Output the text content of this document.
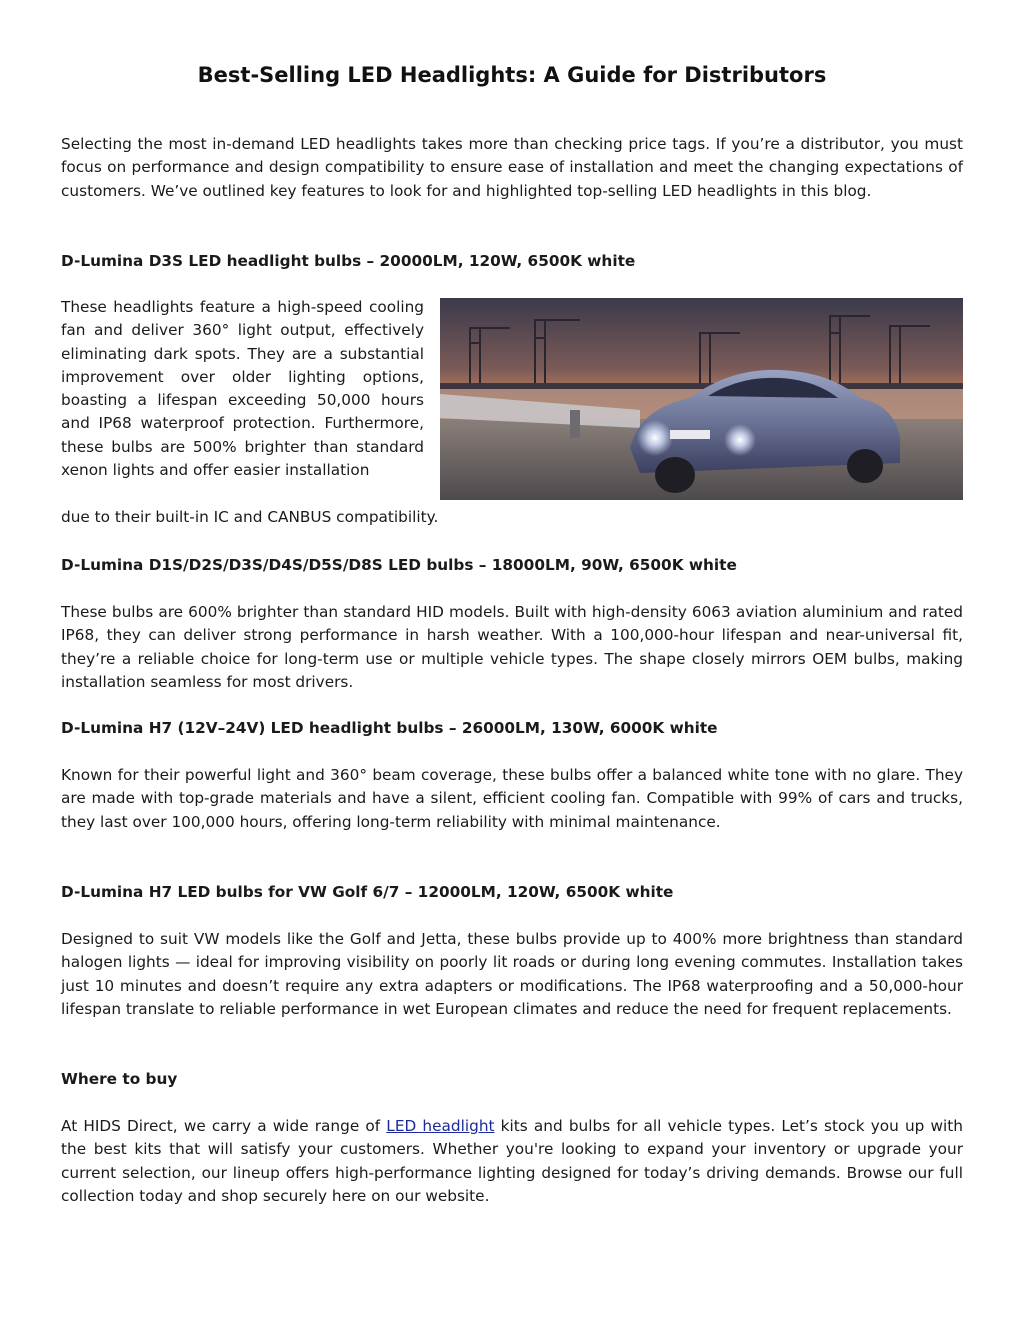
Best-Selling LED Headlights: A Guide for Distributors

Selecting the most in-demand LED headlights takes more than checking price tags. If you’re a distributor, you must focus on performance and design compatibility to ensure ease of installation and meet the changing expectations of customers. We’ve outlined key features to look for and highlighted top-selling LED headlights in this blog.

D-Lumina D3S LED headlight bulbs – 20000LM, 120W, 6500K white

These headlights feature a high-speed cooling fan and deliver 360° light output, effectively eliminating dark spots. They are a substantial improvement over older lighting options, boasting a lifespan exceeding 50,000 hours and IP68 waterproof protection. Furthermore, these bulbs are 500% brighter than standard xenon lights and offer easier installation

due to their built-in IC and CANBUS compatibility.
D-Lumina D1S/D2S/D3S/D4S/D5S/D8S LED bulbs – 18000LM, 90W, 6500K white

These bulbs are 600% brighter than standard HID models. Built with high-density 6063 aviation aluminium and rated IP68, they can deliver strong performance in harsh weather. With a 100,000-hour lifespan and near-universal fit, they’re a reliable choice for long-term use or multiple vehicle types. The shape closely mirrors OEM bulbs, making installation seamless for most drivers.

D-Lumina H7 (12V–24V) LED headlight bulbs – 26000LM, 130W, 6000K white

Known for their powerful light and 360° beam coverage, these bulbs offer a balanced white tone with no glare. They are made with top-grade materials and have a silent, efficient cooling fan. Compatible with 99% of cars and trucks, they last over 100,000 hours, offering long-term reliability with minimal maintenance.

D-Lumina H7 LED bulbs for VW Golf 6/7 – 12000LM, 120W, 6500K white

Designed to suit VW models like the Golf and Jetta, these bulbs provide up to 400% more brightness than standard halogen lights — ideal for improving visibility on poorly lit roads or during long evening commutes. Installation takes just 10 minutes and doesn’t require any extra adapters or modifications. The IP68 waterproofing and a 50,000-hour lifespan translate to reliable performance in wet European climates and reduce the need for frequent replacements.

Where to buy

At HIDS Direct, we carry a wide range of LED headlight kits and bulbs for all vehicle types. Let’s stock you up with the best kits that will satisfy your customers. Whether you're looking to expand your inventory or upgrade your current selection, our lineup offers high-performance lighting designed for today’s driving demands. Browse our full collection today and shop securely here on our website.
